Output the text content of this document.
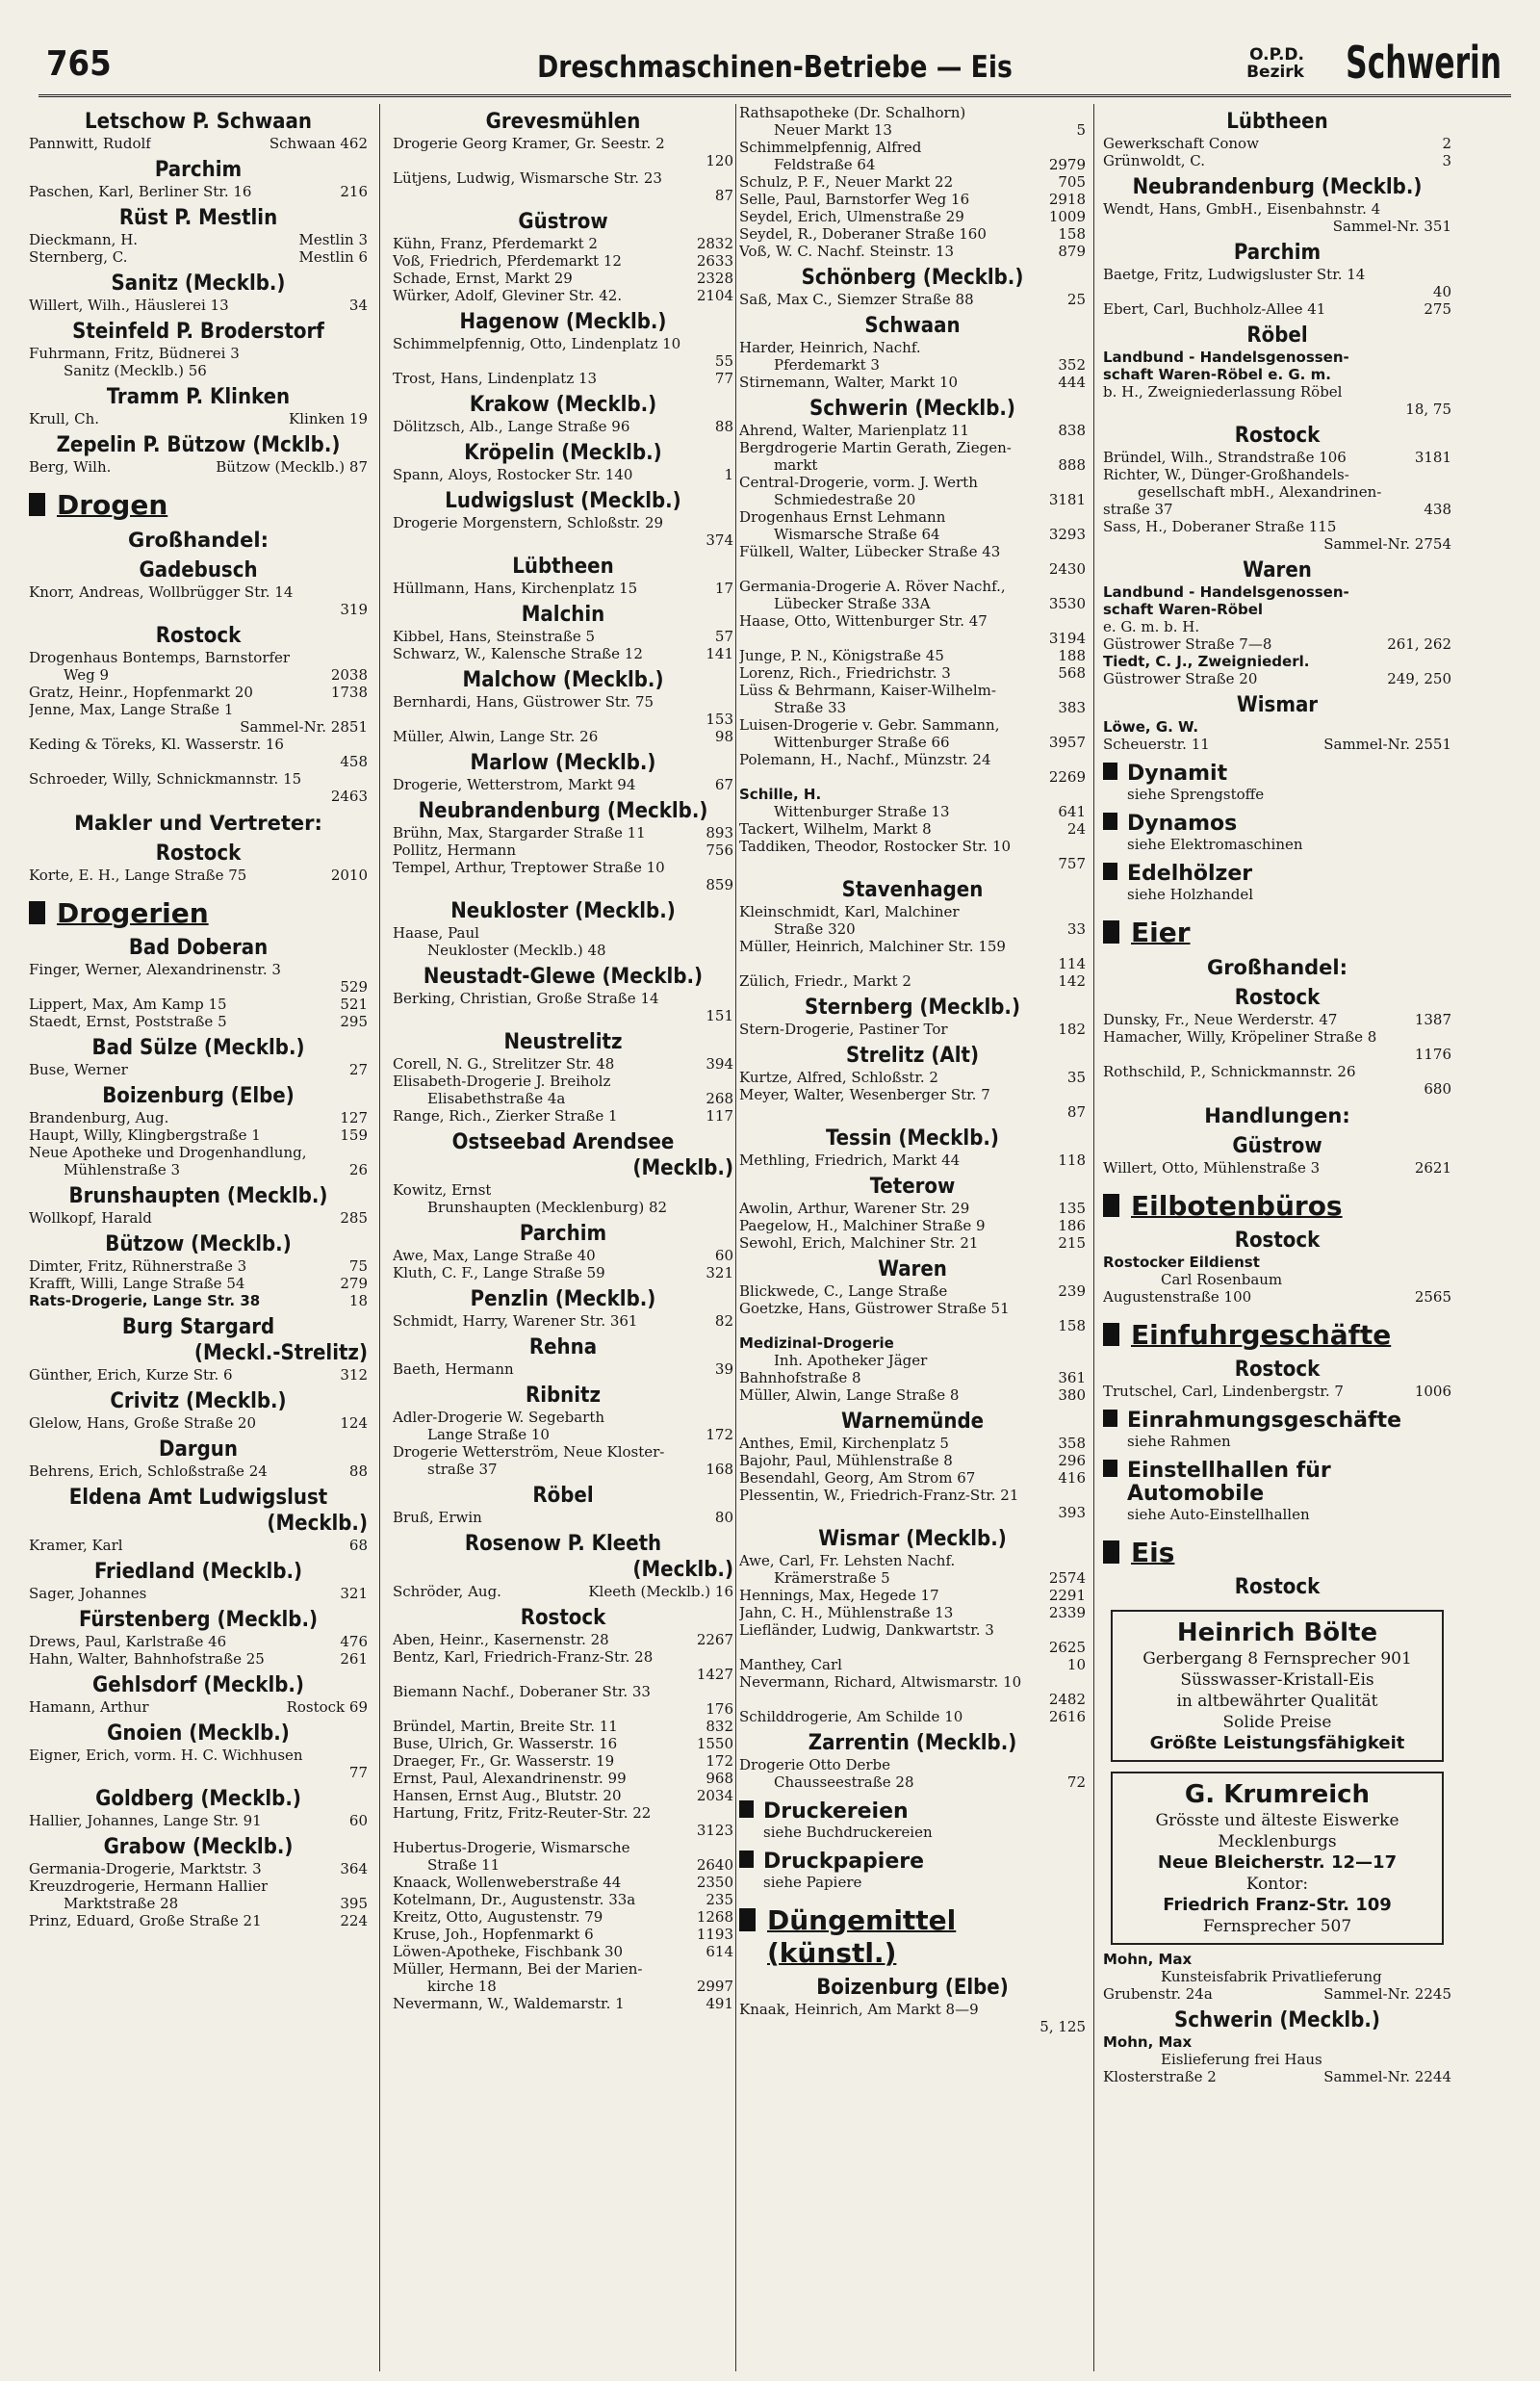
765	Dreschmaschinen-Betriebe — Eis	O.P.D.
Bezirk Schwerin
Letschow P. Schwaan
Pannwitt, Rudolf	Schwaan 462
Parchim
Paschen, Karl, Berliner Str. 16	216
Rüst P. Mestlin
Dieckmann, H.	Mestlin 3
Sternberg, C.	Mestlin 6
Sanitz (Mecklb.)
Willert, Wilh., Häuslerei 13	34
Steinfeld P. Broderstorf
Fuhrmann, Fritz, Büdnerei 3
Sanitz (Mecklb.) 56
Tramm P. Klinken
Krull, Ch.	Klinken 19
Zepelin P. Bützow (Mcklb.)
Berg, Wilh.	Bützow (Mecklb.) 87
Drogen
Großhandel:
Gadebusch
Knorr, Andreas, Wollbrügger Str. 14
319
Rostock
Drogenhaus Bontemps, Barnstorfer
Weg 9	2038
Gratz, Heinr., Hopfenmarkt 20	1738
Jenne, Max, Lange Straße 1
Sammel-Nr. 2851
Keding & Töreks, Kl. Wasserstr. 16
458
Schroeder, Willy, Schnickmannstr. 15
2463
Makler und Vertreter:
Rostock
Korte, E. H., Lange Straße 75	2010
Drogerien
Bad Doberan
Finger, Werner, Alexandrinenstr. 3
529
Lippert, Max, Am Kamp 15	521
Staedt, Ernst, Poststraße 5	295
Bad Sülze (Mecklb.)
Buse, Werner	27
Boizenburg (Elbe)
Brandenburg, Aug.	127
Haupt, Willy, Klingbergstraße 1	159
Neue Apotheke und Drogenhandlung,
Mühlenstraße 3	26
Brunshaupten (Mecklb.)
Wollkopf, Harald	285
Bützow (Mecklb.)
Dimter, Fritz, Rühnerstraße 3	75
Krafft, Willi, Lange Straße 54	279
Rats-Drogerie, Lange Str. 38	18
Burg Stargard
(Meckl.-Strelitz)
Günther, Erich, Kurze Str. 6	312
Crivitz (Mecklb.)
Glelow, Hans, Große Straße 20	124
Dargun
Behrens, Erich, Schloßstraße 24	88
Eldena Amt Ludwigslust
(Mecklb.)
Kramer, Karl	68
Friedland (Mecklb.)
Sager, Johannes	321
Fürstenberg (Mecklb.)
Drews, Paul, Karlstraße 46	476
Hahn, Walter, Bahnhofstraße 25	261
Gehlsdorf (Mecklb.)
Hamann, Arthur	Rostock 69
Gnoien (Mecklb.)
Eigner, Erich, vorm. H. C. Wichhusen
77
Goldberg (Mecklb.)
Hallier, Johannes, Lange Str. 91	60
Grabow (Mecklb.)
Germania-Drogerie, Marktstr. 3	364
Kreuzdrogerie, Hermann Hallier
Marktstraße 28	395
Prinz, Eduard, Große Straße 21	224
Grevesmühlen
Drogerie Georg Kramer, Gr. Seestr. 2
120
Lütjens, Ludwig, Wismarsche Str. 23
87
Güstrow
Kühn, Franz, Pferdemarkt 2	2832
Voß, Friedrich, Pferdemarkt 12	2633
Schade, Ernst, Markt 29	2328
Würker, Adolf, Gleviner Str. 42.	2104
Hagenow (Mecklb.)
Schimmelpfennig, Otto, Lindenplatz 10
55
Trost, Hans, Lindenplatz 13	77
Krakow (Mecklb.)
Dölitzsch, Alb., Lange Straße 96	88
Kröpelin (Mecklb.)
Spann, Aloys, Rostocker Str. 140	1
Ludwigslust (Mecklb.)
Drogerie Morgenstern, Schloßstr. 29
374
Lübtheen
Hüllmann, Hans, Kirchenplatz 15	17
Malchin
Kibbel, Hans, Steinstraße 5	57
Schwarz, W., Kalensche Straße 12	141
Malchow (Mecklb.)
Bernhardi, Hans, Güstrower Str. 75
153
Müller, Alwin, Lange Str. 26	98
Marlow (Mecklb.)
Drogerie, Wetterstrom, Markt 94	67
Neubrandenburg (Mecklb.)
Brühn, Max, Stargarder Straße 11	893
Pollitz, Hermann	756
Tempel, Arthur, Treptower Straße 10
859
Neukloster (Mecklb.)
Haase, Paul
Neukloster (Mecklb.) 48
Neustadt-Glewe (Mecklb.)
Berking, Christian, Große Straße 14
151
Neustrelitz
Corell, N. G., Strelitzer Str. 48	394
Elisabeth-Drogerie J. Breiholz
Elisabethstraße 4a	268
Range, Rich., Zierker Straße 1	117
Ostseebad Arendsee
(Mecklb.)
Kowitz, Ernst
Brunshaupten (Mecklenburg) 82
Parchim
Awe, Max, Lange Straße 40	60
Kluth, C. F., Lange Straße 59	321
Penzlin (Mecklb.)
Schmidt, Harry, Warener Str. 361	82
Rehna
Baeth, Hermann	39
Ribnitz
Adler-Drogerie W. Segebarth
Lange Straße 10	172
Drogerie Wetterström, Neue Kloster-
straße 37	168
Röbel
Bruß, Erwin	80
Rosenow P. Kleeth
(Mecklb.)
Schröder, Aug.	Kleeth (Mecklb.) 16
Rostock
Aben, Heinr., Kasernenstr. 28	2267
Bentz, Karl, Friedrich-Franz-Str. 28
1427
Biemann Nachf., Doberaner Str. 33
176
Bründel, Martin, Breite Str. 11	832
Buse, Ulrich, Gr. Wasserstr. 16	1550
Draeger, Fr., Gr. Wasserstr. 19	172
Ernst, Paul, Alexandrinenstr. 99	968
Hansen, Ernst Aug., Blutstr. 20	2034
Hartung, Fritz, Fritz-Reuter-Str. 22
3123
Hubertus-Drogerie, Wismarsche
Straße 11	2640
Knaack, Wollenweberstraße 44	2350
Kotelmann, Dr., Augustenstr. 33a	235
Kreitz, Otto, Augustenstr. 79	1268
Kruse, Joh., Hopfenmarkt 6	1193
Löwen-Apotheke, Fischbank 30	614
Müller, Hermann, Bei der Marien-
kirche 18	2997
Nevermann, W., Waldemarstr. 1	491
Rathsapotheke (Dr. Schalhorn)
Neuer Markt 13	5
Schimmelpfennig, Alfred
Feldstraße 64	2979
Schulz, P. F., Neuer Markt 22	705
Selle, Paul, Barnstorfer Weg 16	2918
Seydel, Erich, Ulmenstraße 29	1009
Seydel, R., Doberaner Straße 160	158
Voß, W. C. Nachf. Steinstr. 13	879
Schönberg (Mecklb.)
Saß, Max C., Siemzer Straße 88	25
Schwaan
Harder, Heinrich, Nachf.
Pferdemarkt 3	352
Stirnemann, Walter, Markt 10	444
Schwerin (Mecklb.)
Ahrend, Walter, Marienplatz 11	838
Bergdrogerie Martin Gerath, Ziegen-
markt	888
Central-Drogerie, vorm. J. Werth
Schmiedestraße 20	3181
Drogenhaus Ernst Lehmann
Wismarsche Straße 64	3293
Fülkell, Walter, Lübecker Straße 43
2430
Germania-Drogerie A. Röver Nachf.,
Lübecker Straße 33A	3530
Haase, Otto, Wittenburger Str. 47
3194
Junge, P. N., Königstraße 45	188
Lorenz, Rich., Friedrichstr. 3	568
Lüss & Behrmann, Kaiser-Wilhelm-
Straße 33	383
Luisen-Drogerie v. Gebr. Sammann,
Wittenburger Straße 66	3957
Polemann, H., Nachf., Münzstr. 24
2269
Schille, H.
Wittenburger Straße 13	641
Tackert, Wilhelm, Markt 8	24
Taddiken, Theodor, Rostocker Str. 10
757
Stavenhagen
Kleinschmidt, Karl, Malchiner
Straße 320	33
Müller, Heinrich, Malchiner Str. 159
114
Zülich, Friedr., Markt 2	142
Sternberg (Mecklb.)
Stern-Drogerie, Pastiner Tor	182
Strelitz (Alt)
Kurtze, Alfred, Schloßstr. 2	35
Meyer, Walter, Wesenberger Str. 7
87
Tessin (Mecklb.)
Methling, Friedrich, Markt 44	118
Teterow
Awolin, Arthur, Warener Str. 29	135
Paegelow, H., Malchiner Straße 9	186
Sewohl, Erich, Malchiner Str. 21	215
Waren
Blickwede, C., Lange Straße	239
Goetzke, Hans, Güstrower Straße 51
158
Medizinal-Drogerie
Inh. Apotheker Jäger
Bahnhofstraße 8	361
Müller, Alwin, Lange Straße 8	380
Warnemünde
Anthes, Emil, Kirchenplatz 5	358
Bajohr, Paul, Mühlenstraße 8	296
Besendahl, Georg, Am Strom 67	416
Plessentin, W., Friedrich-Franz-Str. 21
393
Wismar (Mecklb.)
Awe, Carl, Fr. Lehsten Nachf.
Krämerstraße 5	2574
Hennings, Max, Hegede 17	2291
Jahn, C. H., Mühlenstraße 13	2339
Liefländer, Ludwig, Dankwartstr. 3
2625
Manthey, Carl	10
Nevermann, Richard, Altwismarstr. 10
2482
Schilddrogerie, Am Schilde 10	2616
Zarrentin (Mecklb.)
Drogerie Otto Derbe
Chausseestraße 28	72
Druckereien
siehe Buchdruckereien
Druckpapiere
siehe Papiere
Düngemittel
(künstl.)
Boizenburg (Elbe)
Knaak, Heinrich, Am Markt 8—9
5, 125
Lübtheen
Gewerkschaft Conow	2
Grünwoldt, C.	3
Neubrandenburg (Mecklb.)
Wendt, Hans, GmbH., Eisenbahnstr. 4
Sammel-Nr. 351
Parchim
Baetge, Fritz, Ludwigsluster Str. 14
40
Ebert, Carl, Buchholz-Allee 41	275
Röbel
Landbund - Handelsgenossen-
schaft Waren-Röbel e. G. m.
b. H., Zweigniederlassung Röbel
18, 75
Rostock
Bründel, Wilh., Strandstraße 106	3181
Richter, W., Dünger-Großhandels-
gesellschaft mbH., Alexandrinen-
straße 37	438
Sass, H., Doberaner Straße 115
Sammel-Nr. 2754
Waren
Landbund - Handelsgenossen-
schaft Waren-Röbel
e. G. m. b. H.
Güstrower Straße 7—8	261, 262
Tiedt, C. J., Zweigniederl.
Güstrower Straße 20	249, 250
Wismar
Löwe, G. W.
Scheuerstr. 11	Sammel-Nr. 2551
Dynamit
siehe Sprengstoffe
Dynamos
siehe Elektromaschinen
Edelhölzer
siehe Holzhandel
Eier
Großhandel:
Rostock
Dunsky, Fr., Neue Werderstr. 47	1387
Hamacher, Willy, Kröpeliner Straße 8
1176
Rothschild, P., Schnickmannstr. 26
680
Handlungen:
Güstrow
Willert, Otto, Mühlenstraße 3	2621
Eilbotenbüros
Rostock
Rostocker Eildienst
Carl Rosenbaum
Augustenstraße 100	2565
Einfuhrgeschäfte
Rostock
Trutschel, Carl, Lindenbergstr. 7	1006
Einrahmungsgeschäfte
siehe Rahmen
Einstellhallen für
Automobile
siehe Auto-Einstellhallen
Eis
Rostock
Heinrich Bölte
Gerbergang 8 Fernsprecher 901
Süsswasser-Kristall-Eis
in altbewährter Qualität
Solide Preise
Größte Leistungsfähigkeit
G. Krumreich
Grösste und älteste Eiswerke
Mecklenburgs
Neue Bleicherstr. 12—17
Kontor:
Friedrich Franz-Str. 109
Fernsprecher 507
Mohn, Max
Kunsteisfabrik Privatlieferung
Grubenstr. 24a	Sammel-Nr. 2245
Schwerin (Mecklb.)
Mohn, Max
Eislieferung frei Haus
Klosterstraße 2	Sammel-Nr. 2244
